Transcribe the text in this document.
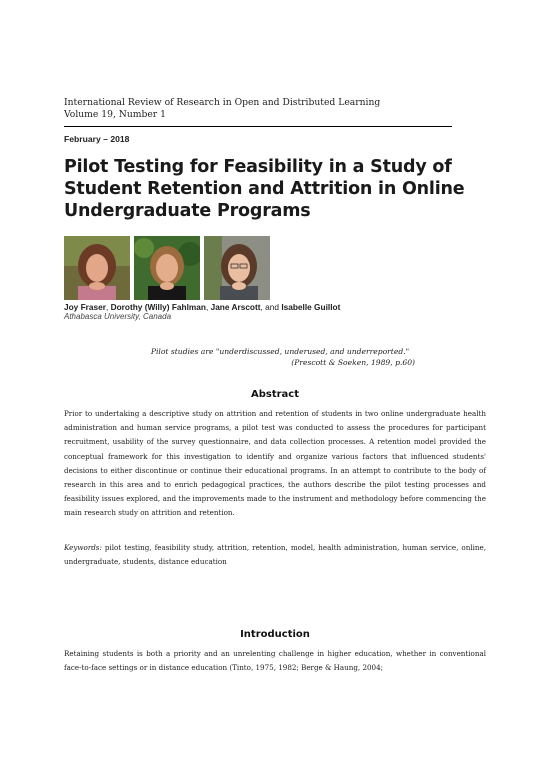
International Review of Research in Open and Distributed Learning
Volume 19, Number 1
February – 2018
Pilot Testing for Feasibility in a Study of Student Retention and Attrition in Online Undergraduate Programs
Joy Fraser, Dorothy (Willy) Fahlman, Jane Arscott, and Isabelle Guillot
Athabasca University, Canada
Pilot studies are "underdiscussed, underused, and underreported."
(Prescott & Soeken, 1989, p.60)
Abstract

Prior to undertaking a descriptive study on attrition and retention of students in two online undergraduate health administration and human service programs, a pilot test was conducted to assess the procedures for participant recruitment, usability of the survey questionnaire, and data collection processes. A retention model provided the conceptual framework for this investigation to identify and organize various factors that influenced students' decisions to either discontinue or continue their educational programs. In an attempt to contribute to the body of research in this area and to enrich pedagogical practices, the authors describe the pilot testing processes and feasibility issues explored, and the improvements made to the instrument and methodology before commencing the main research study on attrition and retention.

Keywords: pilot testing, feasibility study, attrition, retention, model, health administration, human service, online, undergraduate, students, distance education

Introduction

Retaining students is both a priority and an unrelenting challenge in higher education, whether in conventional face-to-face settings or in distance education (Tinto, 1975, 1982; Berge & Haung, 2004;
